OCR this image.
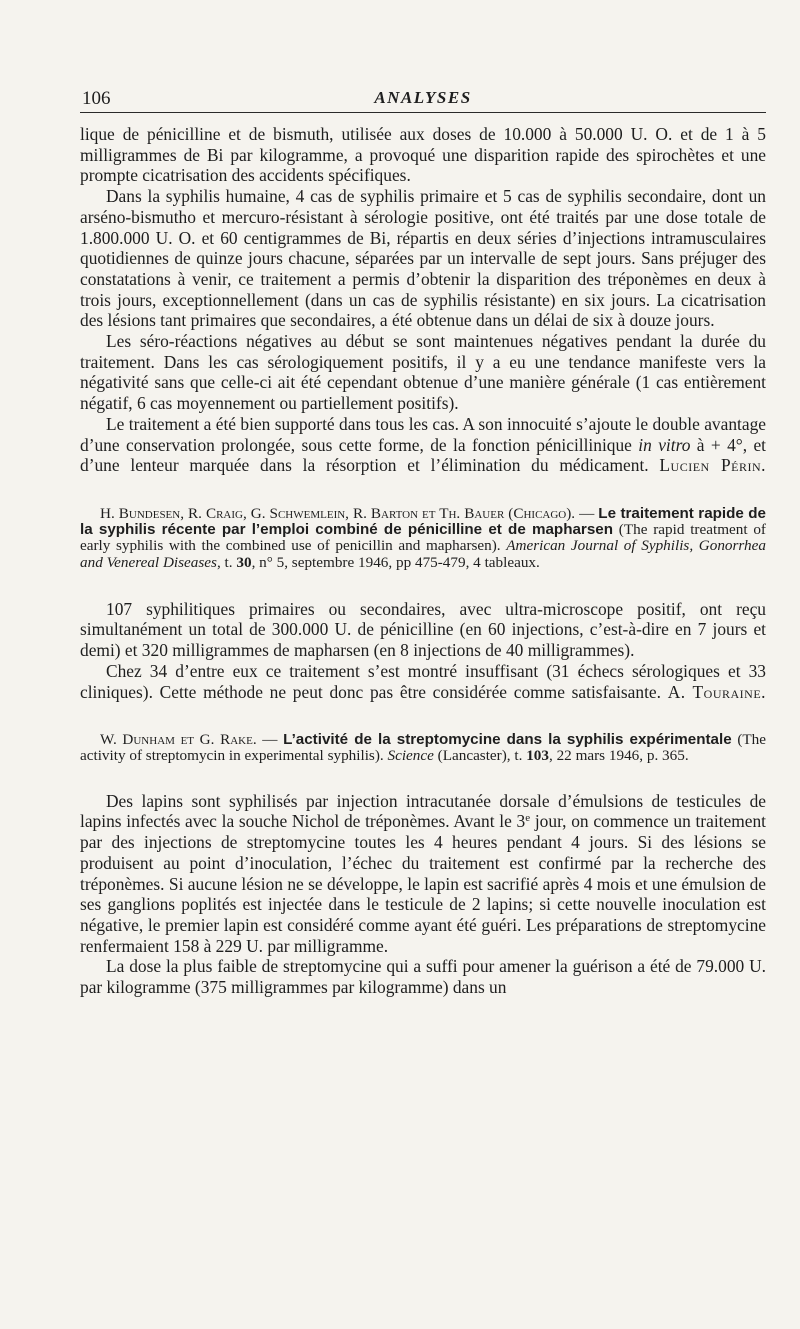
106	ANALYSES

lique de pénicilline et de bismuth, utilisée aux doses de 10.000 à 50.000 U. O. et de 1 à 5 milligrammes de Bi par kilogramme, a provoqué une disparition rapide des spirochètes et une prompte cicatrisation des accidents spécifiques.

Dans la syphilis humaine, 4 cas de syphilis primaire et 5 cas de syphilis secondaire, dont un arséno-bismutho et mercuro-résistant à sérologie positive, ont été traités par une dose totale de 1.800.000 U. O. et 60 centigrammes de Bi, répartis en deux séries d’injections intramusculaires quotidiennes de quinze jours chacune, séparées par un intervalle de sept jours. Sans préjuger des constatations à venir, ce traitement a permis d’obtenir la disparition des tréponèmes en deux à trois jours, exceptionnellement (dans un cas de syphilis résistante) en six jours. La cicatrisation des lésions tant primaires que secondaires, a été obtenue dans un délai de six à douze jours.

Les séro-réactions négatives au début se sont maintenues négatives pendant la durée du traitement. Dans les cas sérologiquement positifs, il y a eu une tendance manifeste vers la négativité sans que celle-ci ait été cependant obtenue d’une manière générale (1 cas entièrement négatif, 6 cas moyennement ou partiellement positifs).

Le traitement a été bien supporté dans tous les cas. A son innocuité s’ajoute le double avantage d’une conservation prolongée, sous cette forme, de la fonction pénicillinique in vitro à + 4°, et d’une lenteur marquée dans la résorption et l’élimination du médicament. Lucien Périn.

H. Bundesen, R. Craig, G. Schwemlein, R. Barton et Th. Bauer (Chicago). — Le traitement rapide de la syphilis récente par l’emploi combiné de pénicilline et de mapharsen (The rapid treatment of early syphilis with the combined use of penicillin and mapharsen). American Journal of Syphilis, Gonorrhea and Venereal Diseases, t. 30, n° 5, septembre 1946, pp 475-479, 4 tableaux.

107 syphilitiques primaires ou secondaires, avec ultra-microscope positif, ont reçu simultanément un total de 300.000 U. de pénicilline (en 60 injections, c’est-à-dire en 7 jours et demi) et 320 milligrammes de mapharsen (en 8 injections de 40 milligrammes).

Chez 34 d’entre eux ce traitement s’est montré insuffisant (31 échecs sérologiques et 33 cliniques). Cette méthode ne peut donc pas être considérée comme satisfaisante. A. Touraine.

W. Dunham et G. Rake. — L’activité de la streptomycine dans la syphilis expérimentale (The activity of streptomycin in experimental syphilis). Science (Lancaster), t. 103, 22 mars 1946, p. 365.

Des lapins sont syphilisés par injection intracutanée dorsale d’émulsions de testicules de lapins infectés avec la souche Nichol de tréponèmes. Avant le 3e jour, on commence un traitement par des injections de streptomycine toutes les 4 heures pendant 4 jours. Si des lésions se produisent au point d’inoculation, l’échec du traitement est confirmé par la recherche des tréponèmes. Si aucune lésion ne se développe, le lapin est sacrifié après 4 mois et une émulsion de ses ganglions poplités est injectée dans le testicule de 2 lapins; si cette nouvelle inoculation est négative, le premier lapin est considéré comme ayant été guéri. Les préparations de streptomycine renfermaient 158 à 229 U. par milligramme.

La dose la plus faible de streptomycine qui a suffi pour amener la guérison a été de 79.000 U. par kilogramme (375 milligrammes par kilogramme) dans un
